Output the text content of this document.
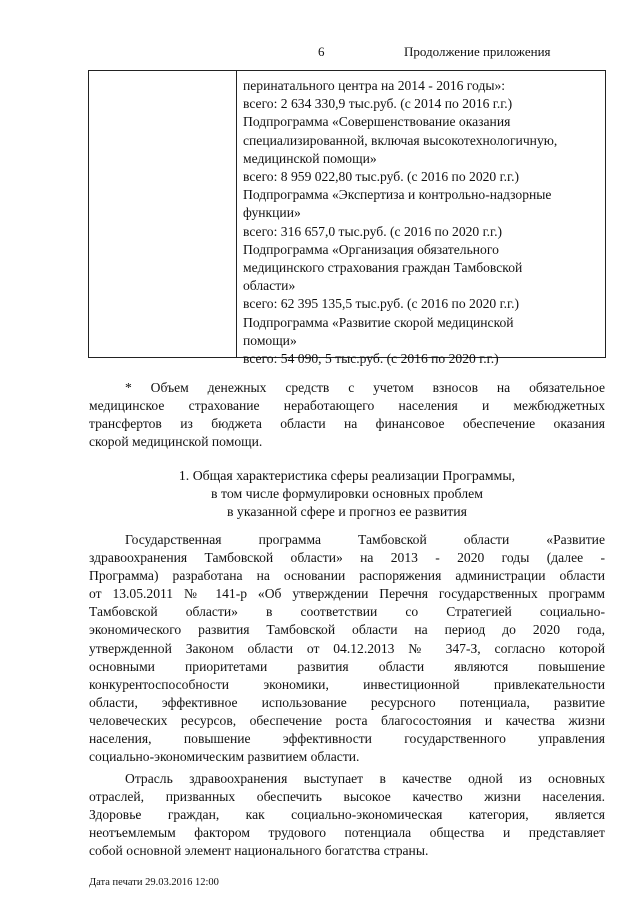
6	Продолжение приложения
перинатального центра на 2014 - 2016 годы»:
всего: 2 634 330,9 тыс.руб. (с 2014 по 2016 г.г.)
Подпрограмма «Совершенствование оказания
специализированной, включая высокотехнологичную,
медицинской помощи»
всего: 8 959 022,80 тыс.руб. (с 2016 по 2020 г.г.)
Подпрограмма «Экспертиза и контрольно-надзорные
функции»
всего: 316 657,0 тыс.руб. (с 2016 по 2020 г.г.)
Подпрограмма «Организация обязательного
медицинского страхования граждан Тамбовской
области»
всего: 62 395 135,5 тыс.руб. (с 2016 по 2020 г.г.)
Подпрограмма «Развитие скорой медицинской
помощи»
всего: 54 090, 5 тыс.руб. (с 2016 по 2020 г.г.)
* Объем денежных средств с учетом взносов на обязательное
медицинское страхование неработающего населения и межбюджетных
трансфертов из бюджета области на финансовое обеспечение оказания
скорой медицинской помощи.
1. Общая характеристика сферы реализации Программы,
в том числе формулировки основных проблем
в указанной сфере и прогноз ее развития
Государственная программа Тамбовской области «Развитие
здравоохранения Тамбовской области» на 2013 - 2020 годы (далее -
Программа) разработана на основании распоряжения администрации области
от 13.05.2011 № 141-р «Об утверждении Перечня государственных программ
Тамбовской области» в соответствии со Стратегией социально-
экономического развития Тамбовской области на период до 2020 года,
утвержденной Законом области от 04.12.2013 № 347-З, согласно которой
основными приоритетами развития области являются повышение
конкурентоспособности экономики, инвестиционной привлекательности
области, эффективное использование ресурсного потенциала, развитие
человеческих ресурсов, обеспечение роста благосостояния и качества жизни
населения, повышение эффективности государственного управления
социально-экономическим развитием области.
Отрасль здравоохранения выступает в качестве одной из основных
отраслей, призванных обеспечить высокое качество жизни населения.
Здоровье граждан, как социально-экономическая категория, является
неотъемлемым фактором трудового потенциала общества и представляет
собой основной элемент национального богатства страны.
Дата печати 29.03.2016 12:00
